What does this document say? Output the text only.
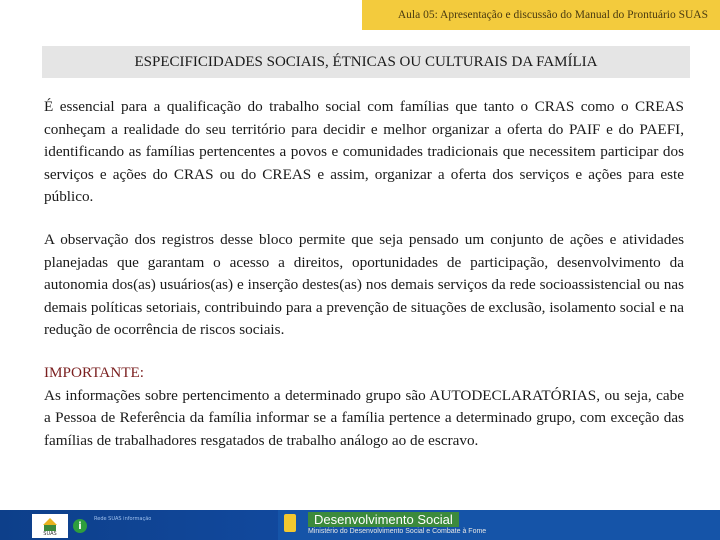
Aula 05: Apresentação e discussão do Manual do Prontuário SUAS
ESPECIFICIDADES SOCIAIS, ÉTNICAS OU CULTURAIS DA FAMÍLIA

É essencial para a qualificação do trabalho social com famílias que tanto o CRAS como o CREAS conheçam a realidade do seu território para decidir e melhor organizar a oferta do PAIF e do PAEFI, identificando as famílias pertencentes a povos e comunidades tradicionais que necessitem participar dos serviços e ações do CRAS ou do CREAS e assim, organizar a oferta dos serviços e ações para este público.

A observação dos registros desse bloco permite que seja pensado um conjunto de ações e atividades planejadas que garantam o acesso a direitos, oportunidades de participação, desenvolvimento da autonomia dos(as) usuários(as) e inserção destes(as) nos demais serviços da rede socioassistencial ou nas demais políticas setoriais, contribuindo para a prevenção de situações de exclusão, isolamento social e na redução de ocorrência de riscos sociais.

IMPORTANTE:
As informações sobre pertencimento a determinado grupo são AUTODECLARATÓRIAS, ou seja, cabe a Pessoa de Referência da família informar se a família pertence a determinado grupo, com exceção das famílias de trabalhadores resgatados de trabalho análogo ao de escravo.

SUAS
i
Rede SUAS informação	Desenvolvimento Social
Ministério do Desenvolvimento Social e Combate à Fome
